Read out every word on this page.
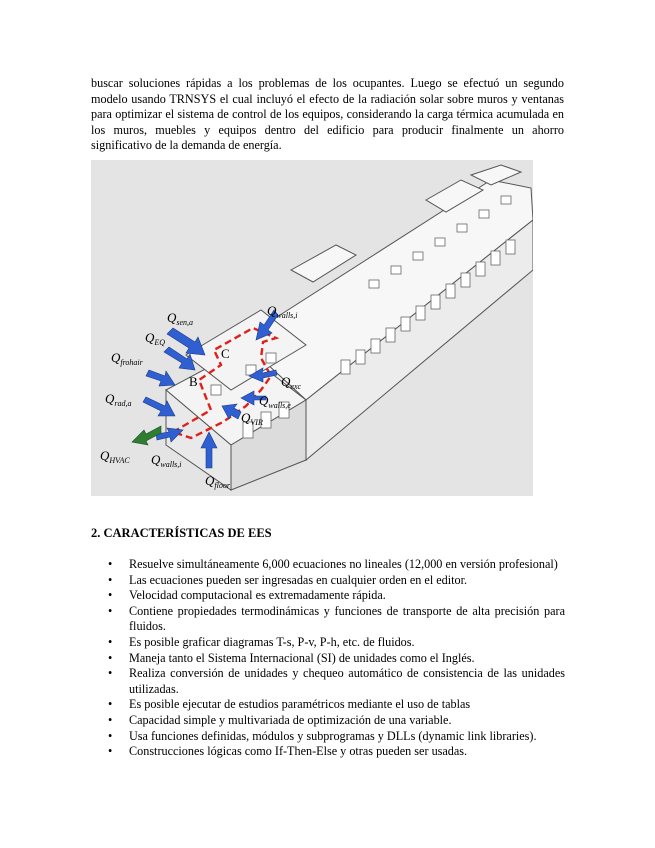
buscar soluciones rápidas a los problemas de los ocupantes. Luego se efectuó un segundo modelo usando TRNSYS el cual incluyó el efecto de la radiación solar sobre muros y ventanas para optimizar el sistema de control de los equipos, considerando la carga térmica acumulada en los muros, muebles y equipos dentro del edificio para producir finalmente un ahorro significativo de la demanda de energía.

B
C
$Q_{sen,a}$
$Q_{EQ}$
$Q_{frohair}$
$Q_{rad,a}$
$Q_{HVAC}$ $Q_{walls,i}$
$Q_{floor}$
$Q_{walls,i}$
$Q_{exc}$
$Q_{walls,e}$
$Q_{VIR}$
2. CARACTERÍSTICAS DE EES
• Resuelve simultáneamente 6,000 ecuaciones no lineales (12,000 en versión profesional)
• Las ecuaciones pueden ser ingresadas en cualquier orden en el editor.
• Velocidad computacional es extremadamente rápida.
• Contiene propiedades termodinámicas y funciones de transporte de alta precisión para fluidos.
• Es posible graficar diagramas T-s, P-v, P-h, etc. de fluidos.
• Maneja tanto el Sistema Internacional (SI) de unidades como el Inglés.
• Realiza conversión de unidades y chequeo automático de consistencia de las unidades utilizadas.
• Es posible ejecutar de estudios paramétricos mediante el uso de tablas
• Capacidad simple y multivariada de optimización de una variable.
• Usa funciones definidas, módulos y subprogramas y DLLs (dynamic link libraries).
• Construcciones lógicas como If-Then-Else y otras pueden ser usadas.
